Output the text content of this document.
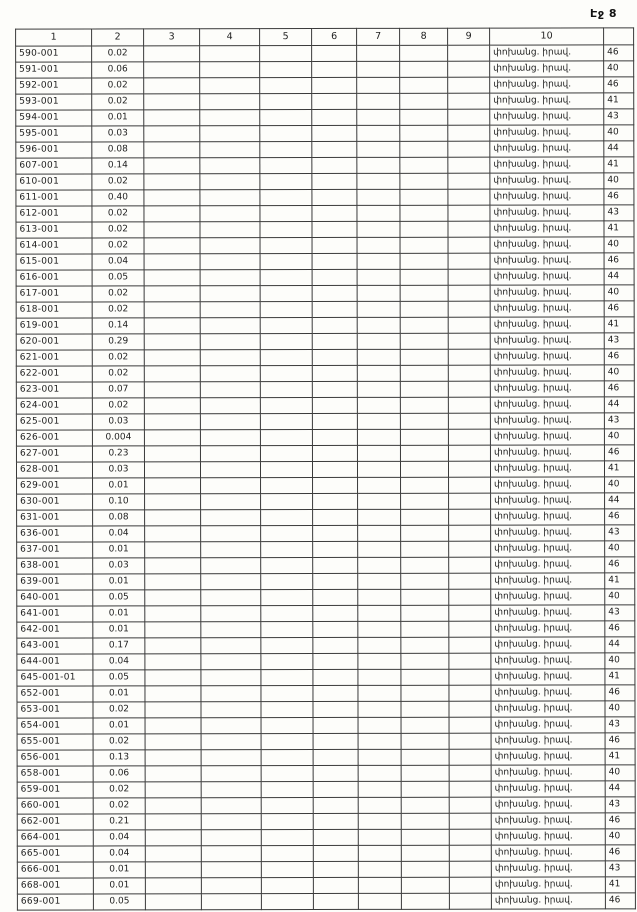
Էջ 8
1	2	3	4	5	6	7	8	9	10	
590-001	0.02								փոխանց. իրավ.	46
591-001	0.06								փոխանց. իրավ.	40
592-001	0.02								փոխանց. իրավ.	46
593-001	0.02								փոխանց. իրավ.	41
594-001	0.01								փոխանց. իրավ.	43
595-001	0.03								փոխանց. իրավ.	40
596-001	0.08								փոխանց. իրավ.	44
607-001	0.14								փոխանց. իրավ.	41
610-001	0.02								փոխանց. իրավ.	40
611-001	0.40								փոխանց. իրավ.	46
612-001	0.02								փոխանց. իրավ.	43
613-001	0.02								փոխանց. իրավ.	41
614-001	0.02								փոխանց. իրավ.	40
615-001	0.04								փոխանց. իրավ.	46
616-001	0.05								փոխանց. իրավ.	44
617-001	0.02								փոխանց. իրավ.	40
618-001	0.02								փոխանց. իրավ.	46
619-001	0.14								փոխանց. իրավ.	41
620-001	0.29								փոխանց. իրավ.	43
621-001	0.02								փոխանց. իրավ.	46
622-001	0.02								փոխանց. իրավ.	40
623-001	0.07								փոխանց. իրավ.	46
624-001	0.02								փոխանց. իրավ.	44
625-001	0.03								փոխանց. իրավ.	43
626-001	0.004								փոխանց. իրավ.	40
627-001	0.23								փոխանց. իրավ.	46
628-001	0.03								փոխանց. իրավ.	41
629-001	0.01								փոխանց. իրավ.	40
630-001	0.10								փոխանց. իրավ.	44
631-001	0.08								փոխանց. իրավ.	46
636-001	0.04								փոխանց. իրավ.	43
637-001	0.01								փոխանց. իրավ.	40
638-001	0.03								փոխանց. իրավ.	46
639-001	0.01								փոխանց. իրավ.	41
640-001	0.05								փոխանց. իրավ.	40
641-001	0.01								փոխանց. իրավ.	43
642-001	0.01								փոխանց. իրավ.	46
643-001	0.17								փոխանց. իրավ.	44
644-001	0.04								փոխանց. իրավ.	40
645-001-01	0.05								փոխանց. իրավ.	41
652-001	0.01								փոխանց. իրավ.	46
653-001	0.02								փոխանց. իրավ.	40
654-001	0.01								փոխանց. իրավ.	43
655-001	0.02								փոխանց. իրավ.	46
656-001	0.13								փոխանց. իրավ.	41
658-001	0.06								փոխանց. իրավ.	40
659-001	0.02								փոխանց. իրավ.	44
660-001	0.02								փոխանց. իրավ.	43
662-001	0.21								փոխանց. իրավ.	46
664-001	0.04								փոխանց. իրավ.	40
665-001	0.04								փոխանց. իրավ.	46
666-001	0.01								փոխանց. իրավ.	43
668-001	0.01								փոխանց. իրավ.	41
669-001	0.05								փոխանց. իրավ.	46
